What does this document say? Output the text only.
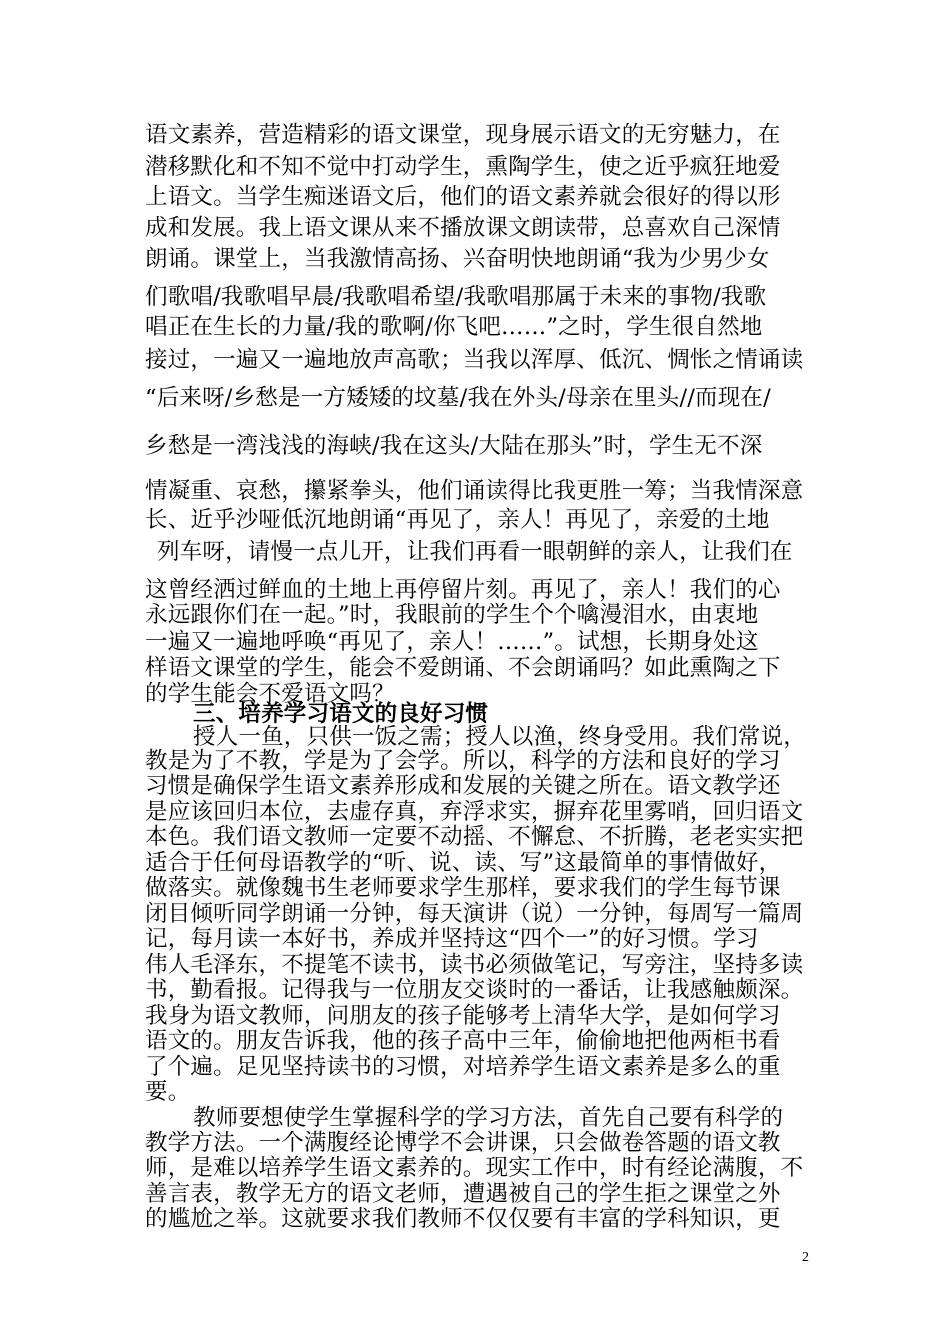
语文素养，营造精彩的语文课堂，现身展示语文的无穷魅力，在
潜移默化和不知不觉中打动学生，熏陶学生，使之近乎疯狂地爱
上语文。当学生痴迷语文后，他们的语文素养就会很好的得以形
成和发展。我上语文课从来不播放课文朗读带，总喜欢自己深情
朗诵。课堂上，当我激情高扬、兴奋明快地朗诵“我为少男少女
们歌唱/我歌唱早晨/我歌唱希望/我歌唱那属于未来的事物/我歌
唱正在生长的力量/我的歌啊/你飞吧……”之时，学生很自然地
接过，一遍又一遍地放声高歌；当我以浑厚、低沉、惆怅之情诵读
“后来呀/乡愁是一方矮矮的坟墓/我在外头/母亲在里头//而现在/
乡愁是一湾浅浅的海峡/我在这头/大陆在那头”时，学生无不深
情凝重、哀愁，攥紧拳头，他们诵读得比我更胜一筹；当我情深意
长、近乎沙哑低沉地朗诵“再见了，亲人！再见了，亲爱的土地
列车呀，请慢一点儿开，让我们再看一眼朝鲜的亲人，让我们在
这曾经洒过鲜血的土地上再停留片刻。再见了，亲人！我们的心
永远跟你们在一起。”时，我眼前的学生个个噙漫泪水，由衷地
一遍又一遍地呼唤“再见了，亲人！……”。试想，长期身处这
样语文课堂的学生，能会不爱朗诵、不会朗诵吗？如此熏陶之下
的学生能会不爱语文吗？
三、培养学习语文的良好习惯
授人一鱼，只供一饭之需；授人以渔，终身受用。我们常说，
教是为了不教，学是为了会学。所以，科学的方法和良好的学习
习惯是确保学生语文素养形成和发展的关键之所在。语文教学还
是应该回归本位，去虚存真，弃浮求实，摒弃花里雾哨，回归语文
本色。我们语文教师一定要不动摇、不懈怠、不折腾，老老实实把
适合于任何母语教学的“听、说、读、写”这最简单的事情做好，
做落实。就像魏书生老师要求学生那样，要求我们的学生每节课
闭目倾听同学朗诵一分钟，每天演讲（说）一分钟，每周写一篇周
记，每月读一本好书，养成并坚持这“四个一”的好习惯。学习
伟人毛泽东，不提笔不读书，读书必须做笔记，写旁注，坚持多读
书，勤看报。记得我与一位朋友交谈时的一番话，让我感触颇深。
我身为语文教师，问朋友的孩子能够考上清华大学，是如何学习
语文的。朋友告诉我，他的孩子高中三年，偷偷地把他两柜书看
了个遍。足见坚持读书的习惯，对培养学生语文素养是多么的重
要。
教师要想使学生掌握科学的学习方法，首先自己要有科学的
教学方法。一个满腹经论博学不会讲课，只会做卷答题的语文教
师，是难以培养学生语文素养的。现实工作中，时有经论满腹，不
善言表，教学无方的语文老师，遭遇被自己的学生拒之课堂之外
的尴尬之举。这就要求我们教师不仅仅要有丰富的学科知识，更
2
